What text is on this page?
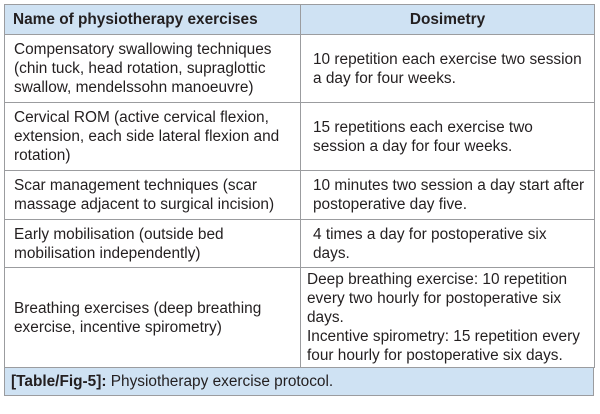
Name of physiotherapy exercises	Dosimetry
Compensatory swallowing techniques (chin tuck, head rotation, supraglottic swallow, mendelssohn manoeuvre)	10 repetition each exercise two session a day for four weeks.
Cervical ROM (active cervical flexion, extension, each side lateral flexion and rotation)	15 repetitions each exercise two session a day for four weeks.
Scar management techniques (scar massage adjacent to surgical incision)	10 minutes two session a day start after postoperative day five.
Early mobilisation (outside bed mobilisation independently)	4 times a day for postoperative six days.
Breathing exercises (deep breathing exercise, incentive spirometry)	Deep breathing exercise: 10 repetition every two hourly for postoperative six days.
Incentive spirometry: 15 repetition every four hourly for postoperative six days.
[Table/Fig-5]: Physiotherapy exercise protocol.
